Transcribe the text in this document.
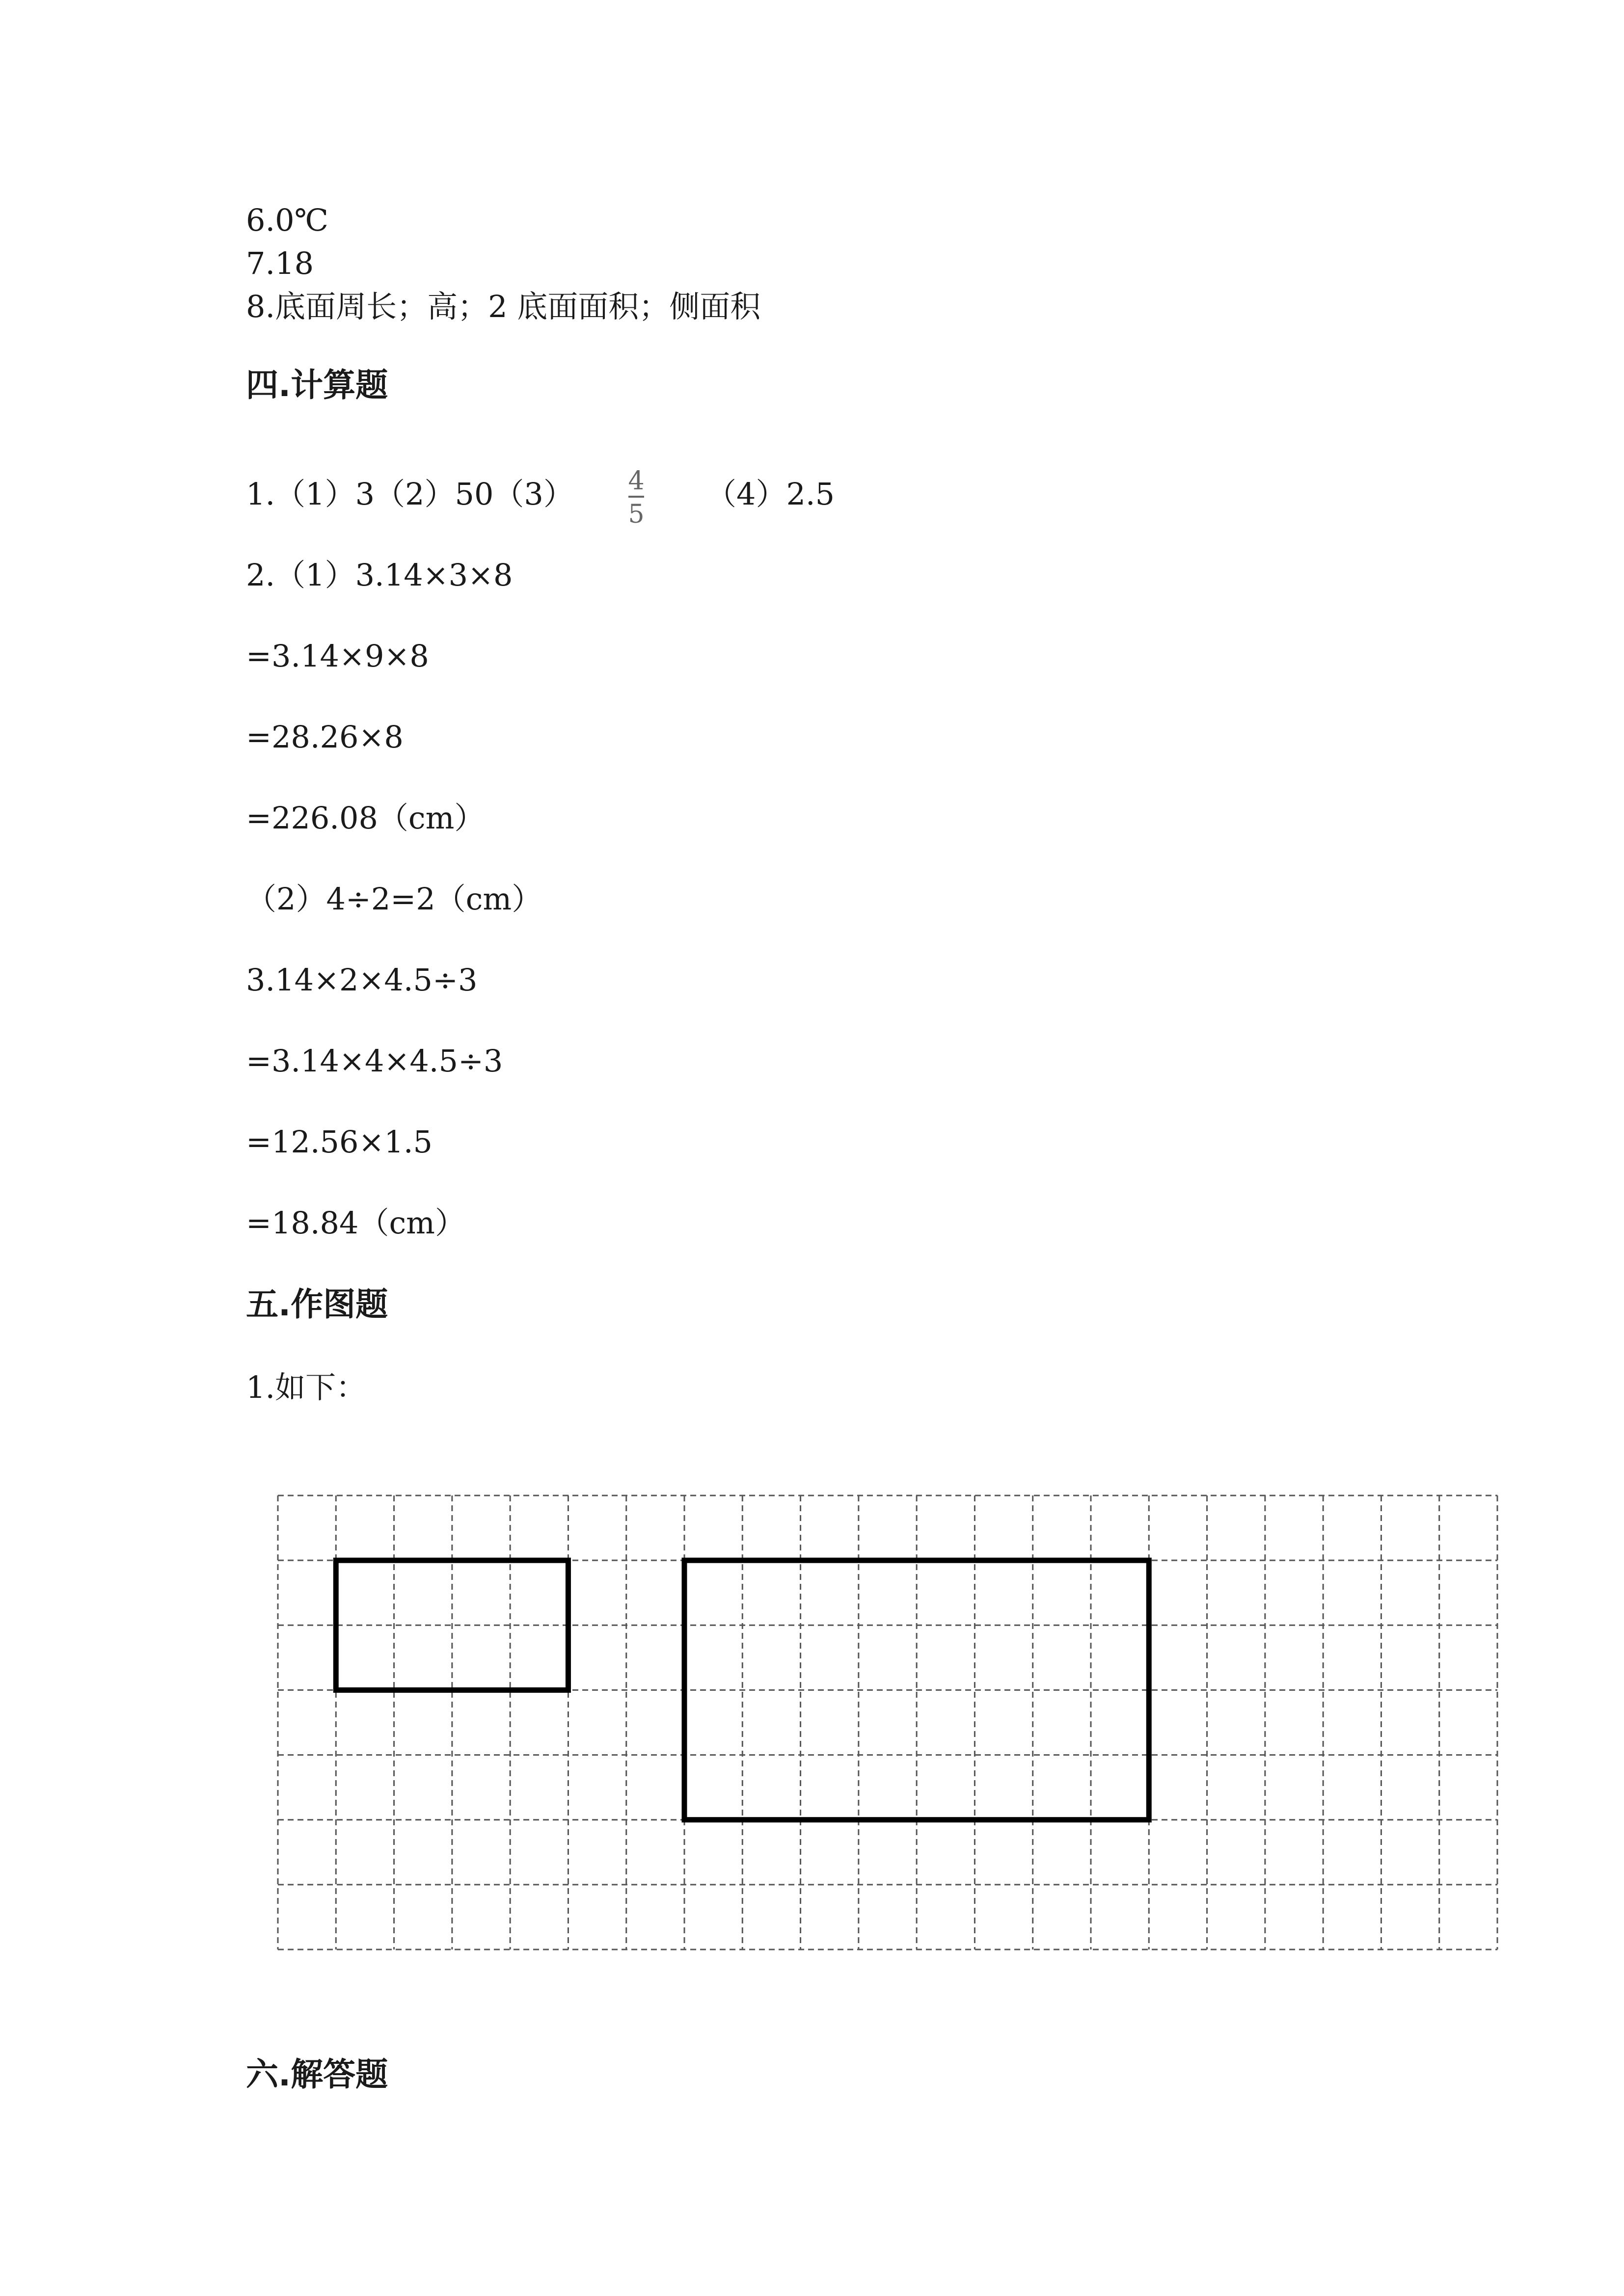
6.0℃
7.18
8.底面周长；高；2 底面面积；侧面积
四.计算题
1.（1）3（2）50（3） 4
5
（4）2.5
2.（1）3.14×3×8
=3.14×9×8
=28.26×8
=226.08（cm）
（2）4÷2=2（cm）
3.14×2×4.5÷3
=3.14×4×4.5÷3
=12.56×1.5
=18.84（cm）
五.作图题
1.如下：
六.解答题
